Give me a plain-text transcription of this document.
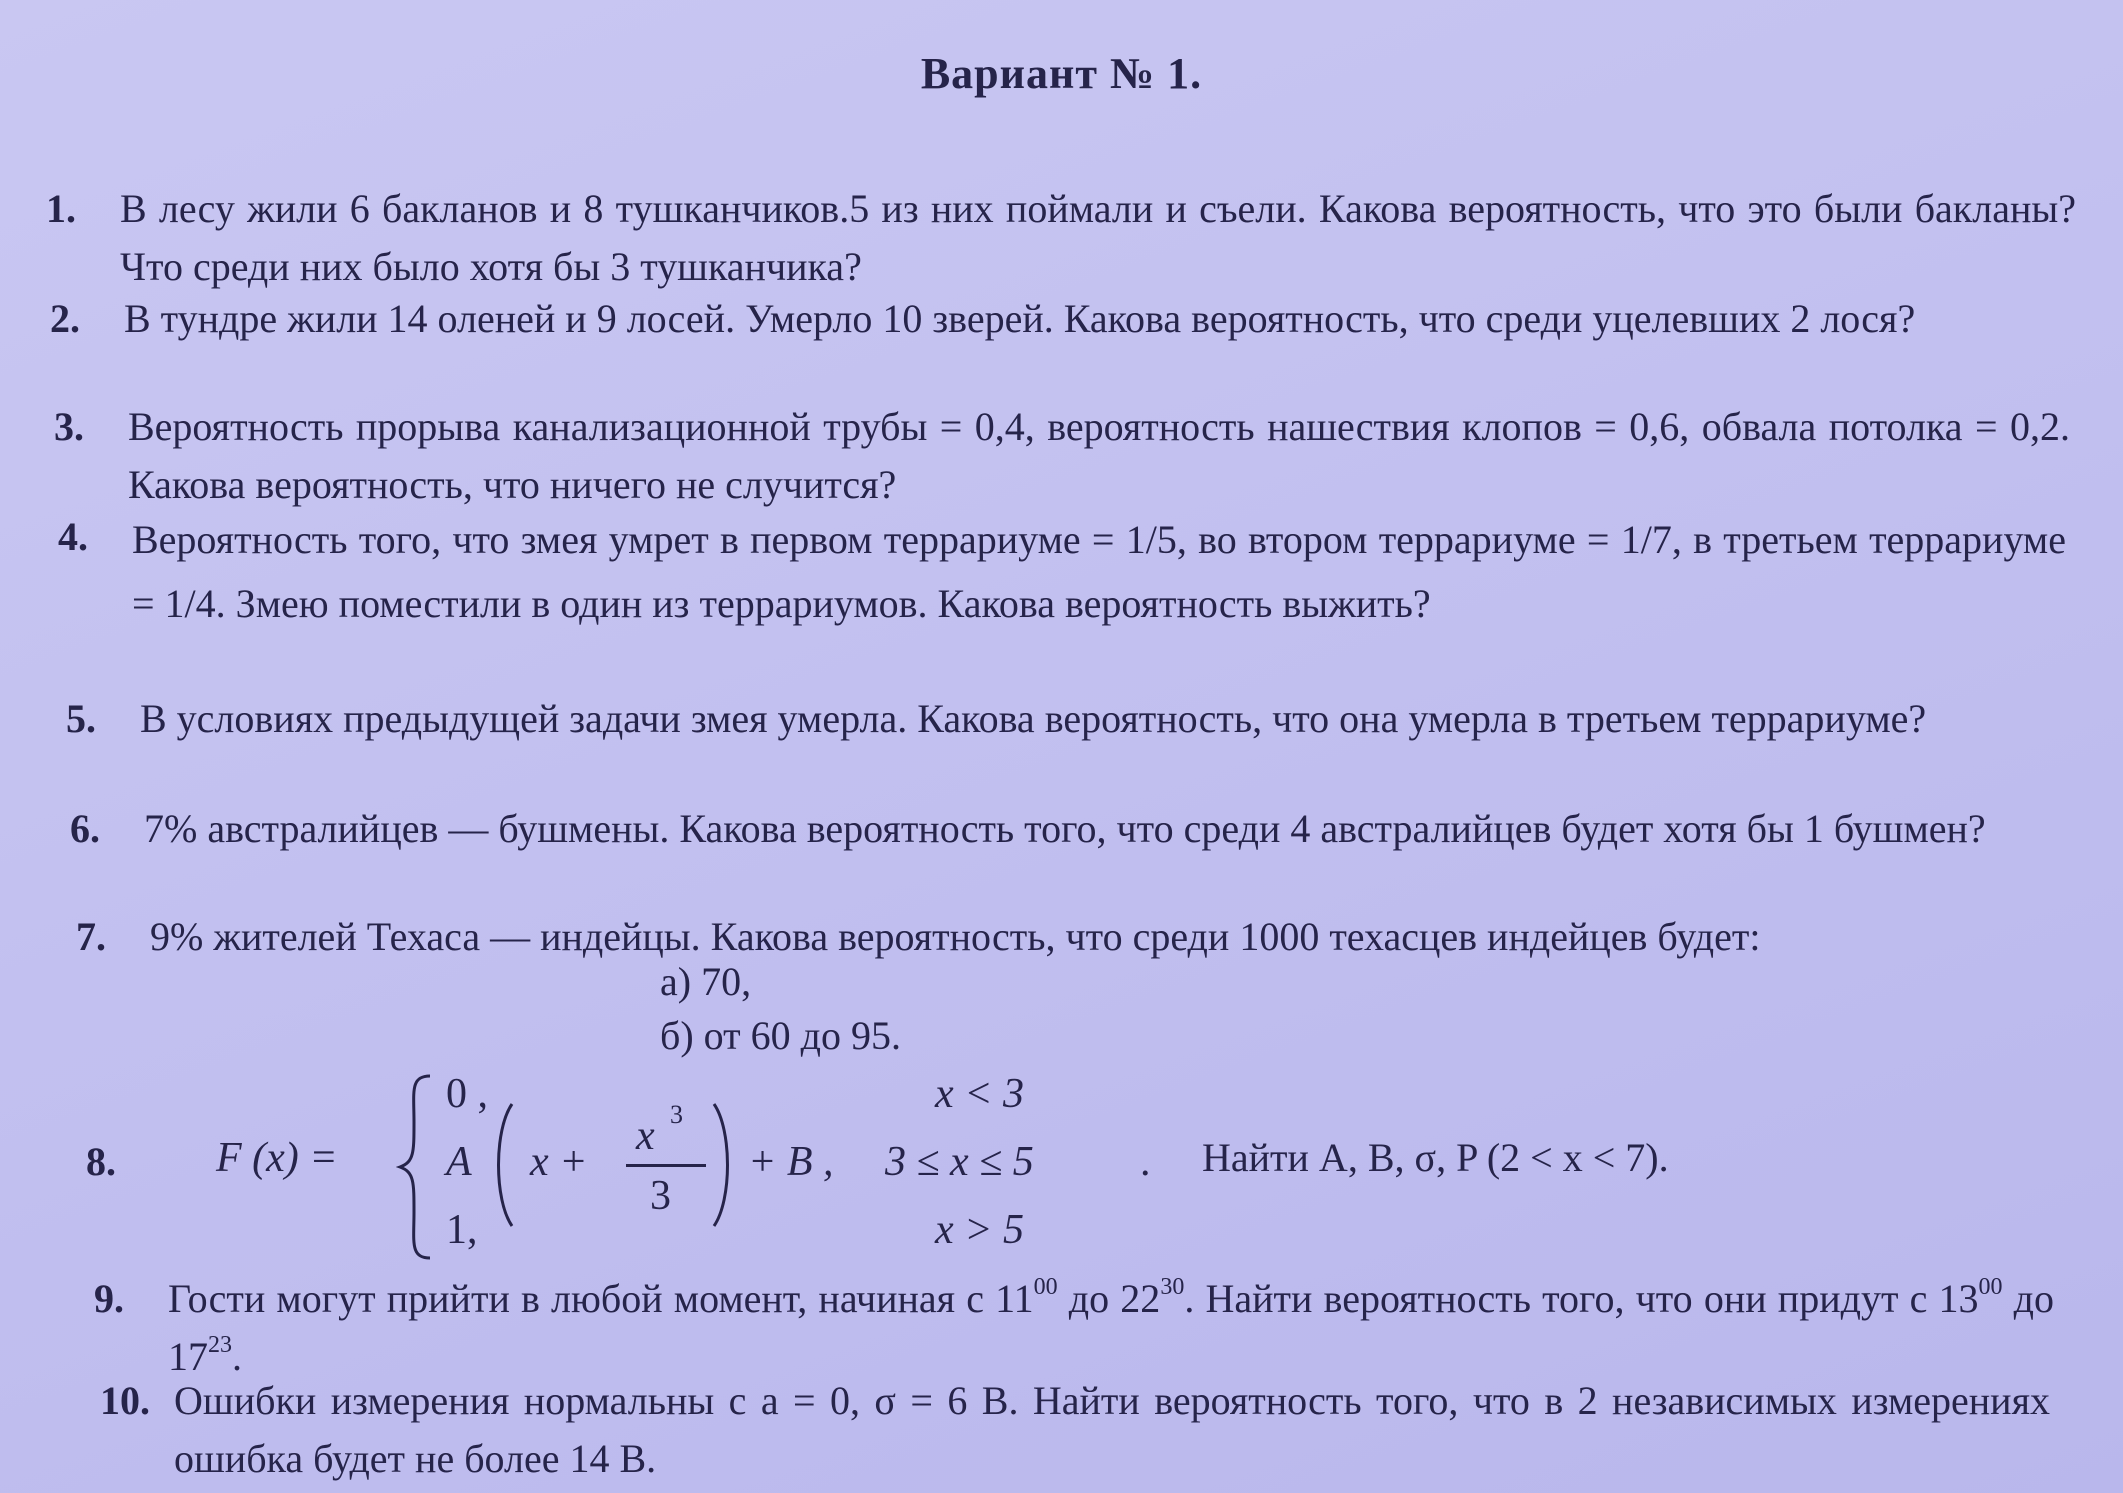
Вариант № 1.
1. В лесу жили 6 бакланов и 8 тушканчиков.5 из них поймали и съели. Какова вероятность, что это были бакланы? Что среди них было хотя бы 3 тушканчика?
2. В тундре жили 14 оленей и 9 лосей. Умерло 10 зверей. Какова вероятность, что среди уцелевших 2 лося?
3. Вероятность прорыва канализационной трубы = 0,4, вероятность нашествия клопов = 0,6, обвала потолка = 0,2. Какова вероятность, что ничего не случится?
4. Вероятность того, что змея умрет в первом террариуме = 1/5, во втором террариуме = 1/7, в третьем террариуме = 1/4. Змею поместили в один из террариумов. Какова вероятность выжить?
5. В условиях предыдущей задачи змея умерла. Какова вероятность, что она умерла в третьем террариуме?
6. 7% австралийцев — бушмены. Какова вероятность того, что среди 4 австралийцев будет хотя бы 1 бушмен?
7. 9% жителей Техаса — индейцы. Какова вероятность, что среди 1000 техасцев индейцев будет:
а) 70,
б) от 60 до 95.
8. F (x) =
0 ,	x < 3
A x +
x 3
3
+ B , 3 ≤ x ≤ 5	.
1,	x > 5
Найти A, B, σ, P (2 < x < 7).
9. Гости могут прийти в любой момент, начиная с $11^{00}$ до $22^{30}$. Найти вероятность того, что они придут с $13^{00}$ до $17^{23}$.
10. Ошибки измерения нормальны с a = 0, σ = 6 В. Найти вероятность того, что в 2 независимых измерениях ошибка будет не более 14 В.
